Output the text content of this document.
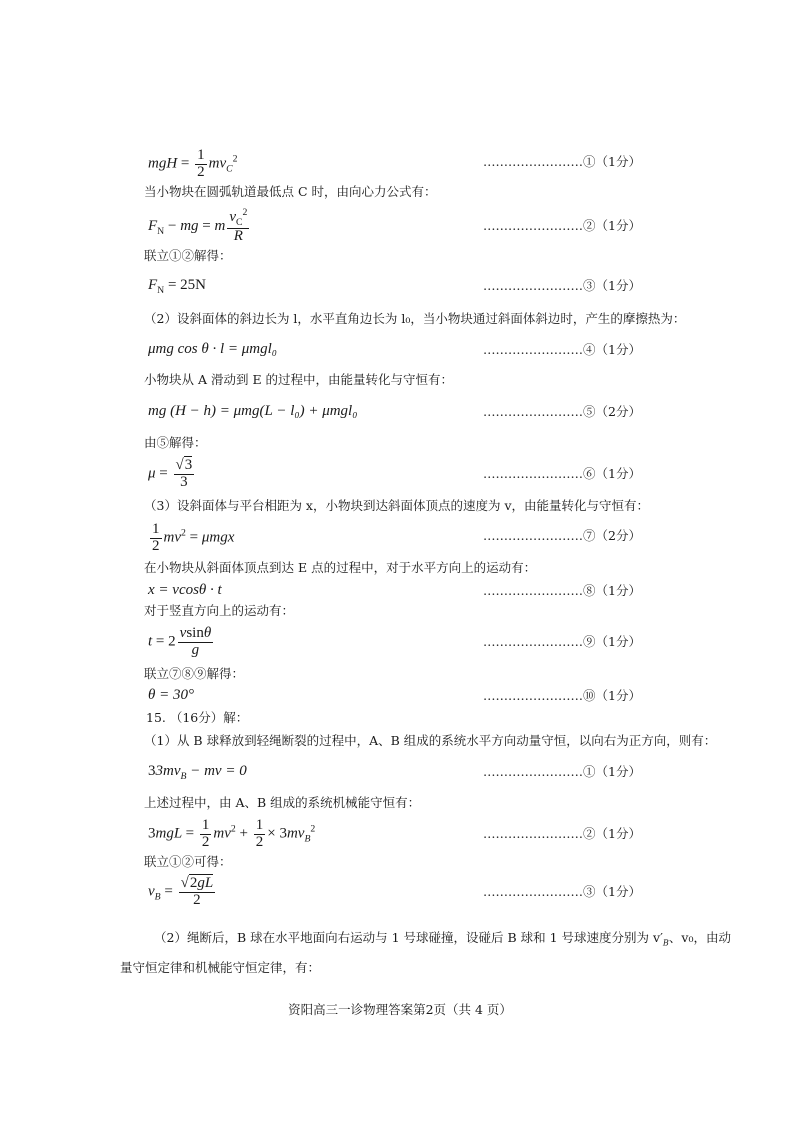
mgH = $\frac{1}{2} mv_C^2$	……………………①（1分）
当小物块在圆弧轨道最低点 C 时，由向心力公式有：
$F_N$ − mg = m $\frac{v_C^2}{R}$	……………………②（1分）
联立①②解得：
$F_N = 25N$	……………………③（1分）
（2）设斜面体的斜边长为 l，水平直角边长为 l₀，当小物块通过斜面体斜边时，产生的摩擦热为：
μmg cos θ · l = μmgl₀	……………………④（1分）
小物块从 A 滑动到 E 的过程中，由能量转化与守恒有：
mg (H − h) = μmg(L − l₀) + μmgl₀	……………………⑤（2分）
由⑤解得：
$\mu = \frac{√3}{3}$	……………………⑥（1分）
（3）设斜面体与平台相距为 x，小物块到达斜面体顶点的速度为 v，由能量转化与守恒有：
$\frac{1}{2} mv^2 = \mu mgx$	……………………⑦（2分）
在小物块从斜面体顶点到达 E 点的过程中，对于水平方向上的运动有：
x = vcosθ · t	……………………⑧（1分）
对于竖直方向上的运动有：
$t = 2 \frac{vsin\theta}{g}$	……………………⑨（1分）
联立⑦⑧⑨解得：
θ = 30°	……………………⑩（1分）
15. （16分）解：
（1）从 B 球释放到轻绳断裂的过程中，A、B 组成的系统水平方向动量守恒，以向右为正方向，则有：
$33mv_B$ − mv = 0	……………………①（1分）
上述过程中，由 A、B 组成的系统机械能守恒有：
$3mgL = \frac{1}{2} mv^2 + \frac{1}{2} \times 3mv_B^2$	……………………②（1分）
联立①②可得：
$v_B = \frac{√2gL}{2}$	……………………③（1分）
（2）绳断后，B 球在水平地面向右运动与 1 号球碰撞，设碰后 B 球和 1 号球速度分别为 $v'_B$、v₀，由动
量守恒定律和机械能守恒定律，有：
资阳高三一诊物理答案第2页（共 4 页）
